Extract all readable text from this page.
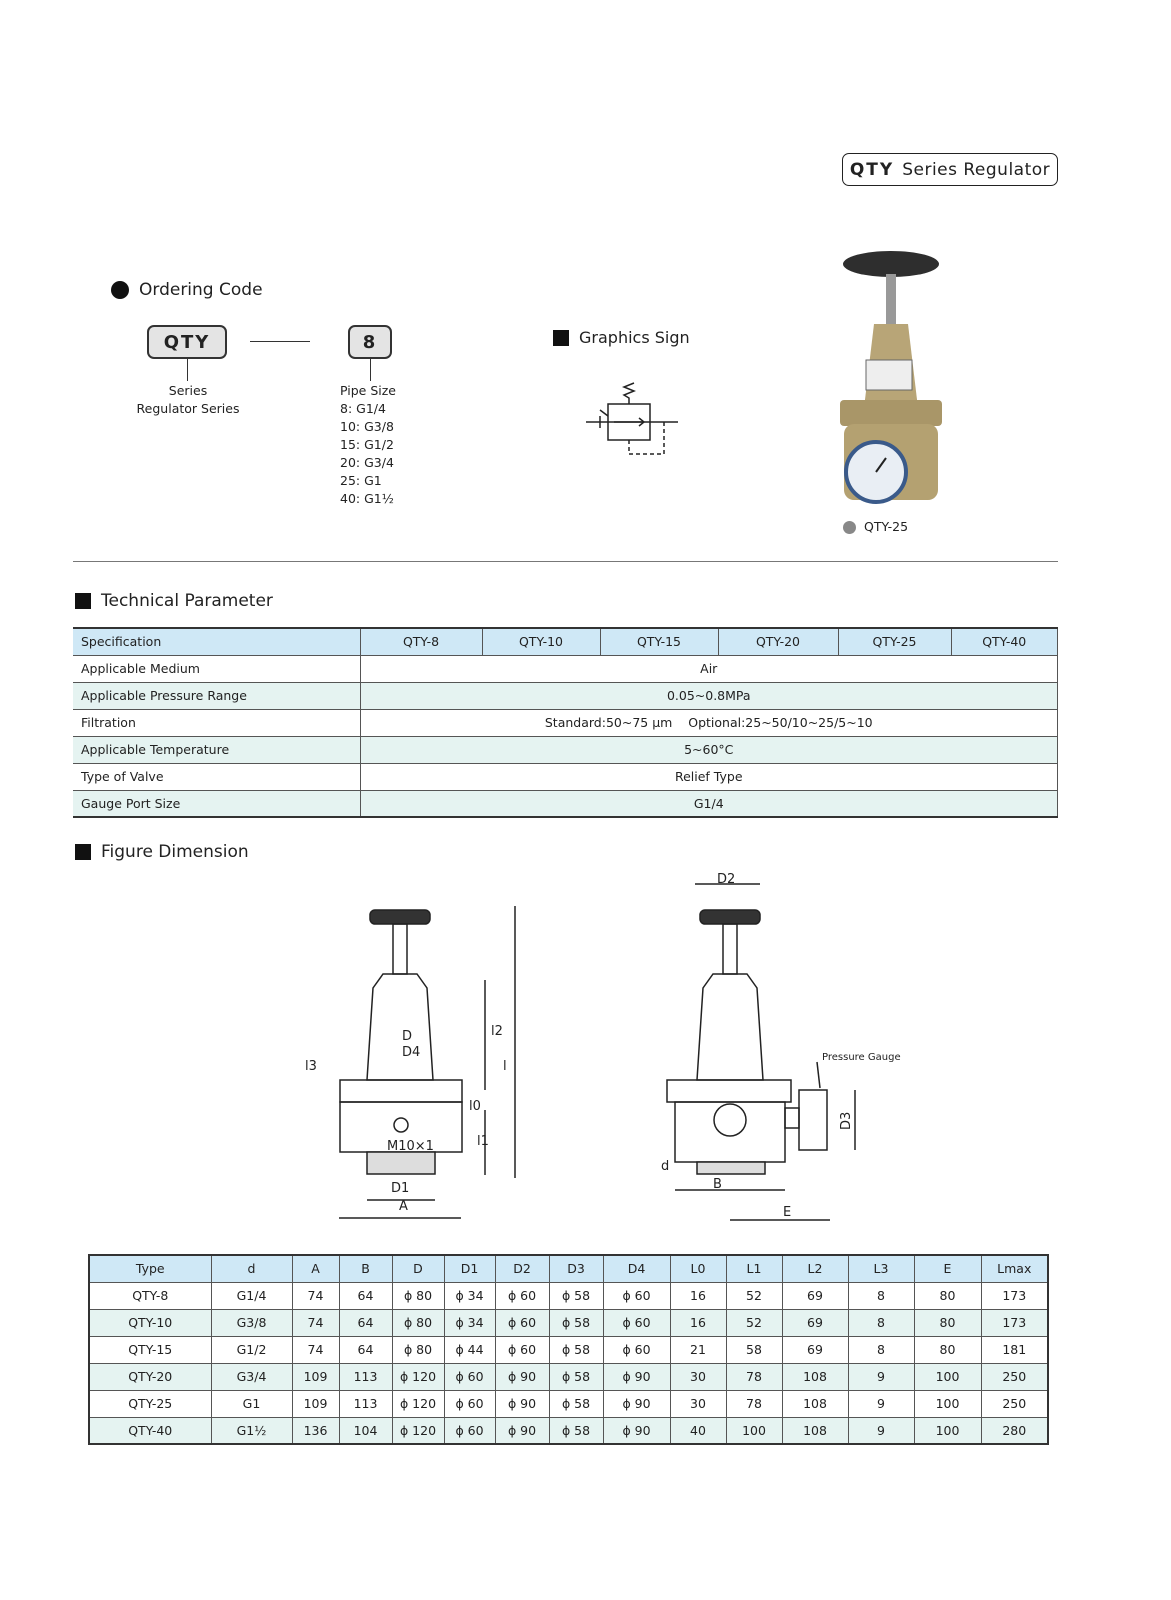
QTY Series Regulator
Ordering Code
QTY	8
Series
Regulator Series
Pipe Size
8: G1/4
10: G3/8
15: G1/2
20: G3/4
25: G1
40: G1½
Graphics Sign
QTY-25
Technical Parameter
Specification	QTY-8	QTY-10	QTY-15	QTY-20	QTY-25	QTY-40
Applicable Medium	Air					
Applicable Pressure Range	0.05~0.8MPa					
Filtration	Standard:50~75 μm    Optional:25~50/10~25/5~10					
Applicable Temperature	5~60°C					
Type of Valve	Relief Type					
Gauge Port Size	G1/4					
Figure Dimension
D
D4
D1
A
M10×1
l2
l
l3
l0
l1
D2
D3
B
E
d
Pressure Gauge
Type	d	A	B	D	D1	D2	D3	D4	L0	L1	L2	L3	E	Lmax
QTY-8	G1/4	74	64	ϕ 80	ϕ 34	ϕ 60	ϕ 58	ϕ 60	16	52	69	8	80	173
QTY-10	G3/8	74	64	ϕ 80	ϕ 34	ϕ 60	ϕ 58	ϕ 60	16	52	69	8	80	173
QTY-15	G1/2	74	64	ϕ 80	ϕ 44	ϕ 60	ϕ 58	ϕ 60	21	58	69	8	80	181
QTY-20	G3/4	109	113	ϕ 120	ϕ 60	ϕ 90	ϕ 58	ϕ 90	30	78	108	9	100	250
QTY-25	G1	109	113	ϕ 120	ϕ 60	ϕ 90	ϕ 58	ϕ 90	30	78	108	9	100	250
QTY-40	G1½	136	104	ϕ 120	ϕ 60	ϕ 90	ϕ 58	ϕ 90	40	100	108	9	100	280
